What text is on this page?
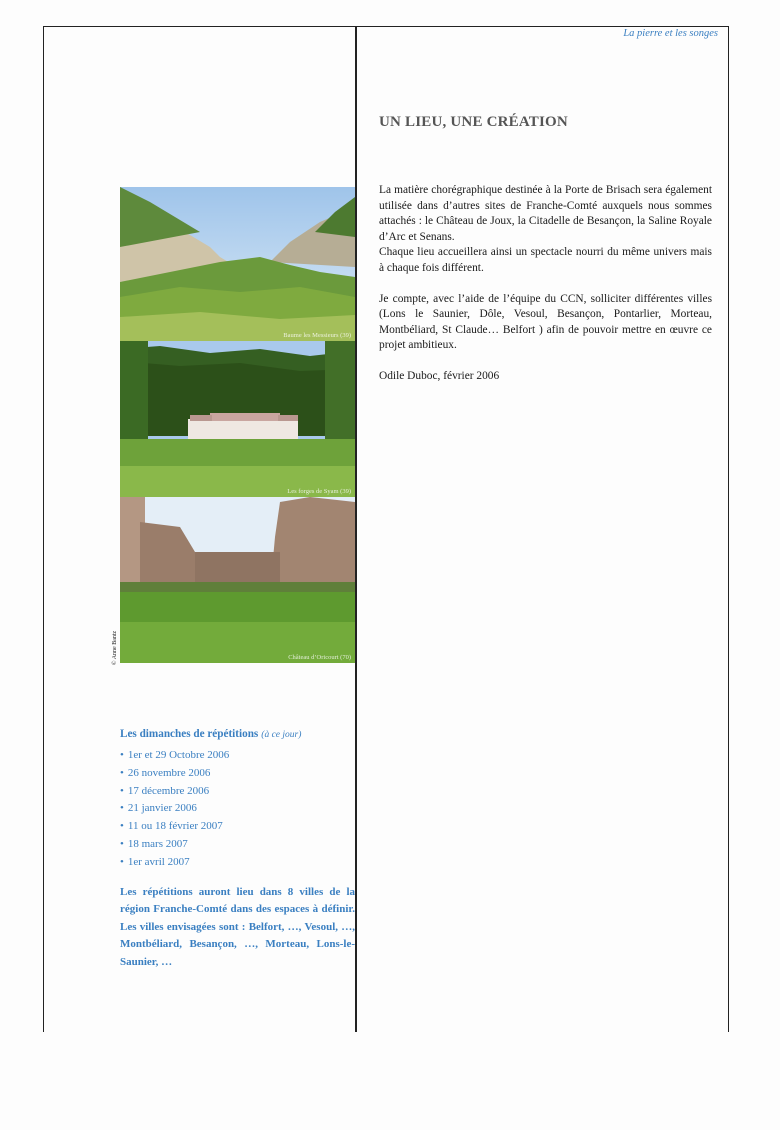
La pierre et les songes
UN LIEU, UNE CRÉATION

La matière chorégraphique destinée à la Porte de Brisach sera également utilisée dans d’autres sites de Franche-Comté auxquels nous sommes attachés : le Château de Joux, la Citadelle de Besançon, la Saline Royale d’Arc et Senans.

Chaque lieu accueillera ainsi un spectacle nourri du même univers mais à chaque fois différent.

Je compte, avec l’aide de l’équipe du CCN, solliciter différentes villes (Lons le Saunier, Dôle, Vesoul, Besançon, Pontarlier, Morteau, Montbéliard, St Claude… Belfort ) afin de pouvoir mettre en œuvre ce projet ambitieux.

Odile Duboc, février 2006

Baume les Messieurs (39)
Les forges de Syam (39)
Château d’Oricourt (70)
© Anne Bantz

Les dimanches de répétitions (à ce jour)

• 1er et 29 Octobre 2006
• 26 novembre 2006
• 17 décembre 2006
• 21 janvier 2006
• 11 ou 18 février 2007
• 18 mars 2007
• 1er avril 2007

Les répétitions auront lieu dans 8 villes de la région Franche-Comté dans des espaces à définir. Les villes envisagées sont : Belfort, …, Vesoul, …, Montbéliard, Besançon, …, Morteau, Lons-le-Saunier, …
